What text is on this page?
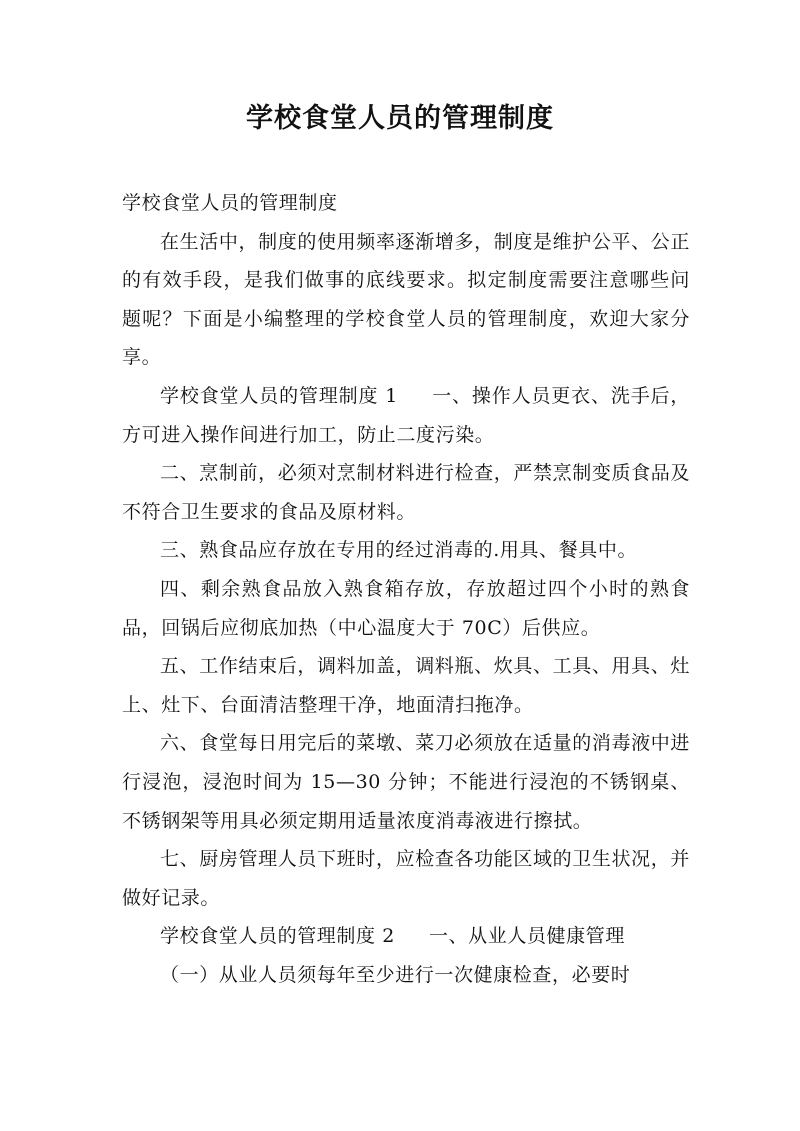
学校食堂人员的管理制度

学校食堂人员的管理制度

在生活中，制度的使用频率逐渐增多，制度是维护公平、公正的有效手段，是我们做事的底线要求。拟定制度需要注意哪些问题呢？下面是小编整理的学校食堂人员的管理制度，欢迎大家分享。

学校食堂人员的管理制度 1 一、操作人员更衣、洗手后，方可进入操作间进行加工，防止二度污染。

二、烹制前，必须对烹制材料进行检查，严禁烹制变质食品及不符合卫生要求的食品及原材料。

三、熟食品应存放在专用的经过消毒的.用具、餐具中。

四、剩余熟食品放入熟食箱存放，存放超过四个小时的熟食品，回锅后应彻底加热（中心温度大于 70C）后供应。

五、工作结束后，调料加盖，调料瓶、炊具、工具、用具、灶上、灶下、台面清洁整理干净，地面清扫拖净。

六、食堂每日用完后的菜墩、菜刀必须放在适量的消毒液中进行浸泡，浸泡时间为 15—30 分钟；不能进行浸泡的不锈钢桌、不锈钢架等用具必须定期用适量浓度消毒液进行擦拭。

七、厨房管理人员下班时，应检查各功能区域的卫生状况，并做好记录。

学校食堂人员的管理制度 2 一、从业人员健康管理

（一）从业人员须每年至少进行一次健康检查，必要时
